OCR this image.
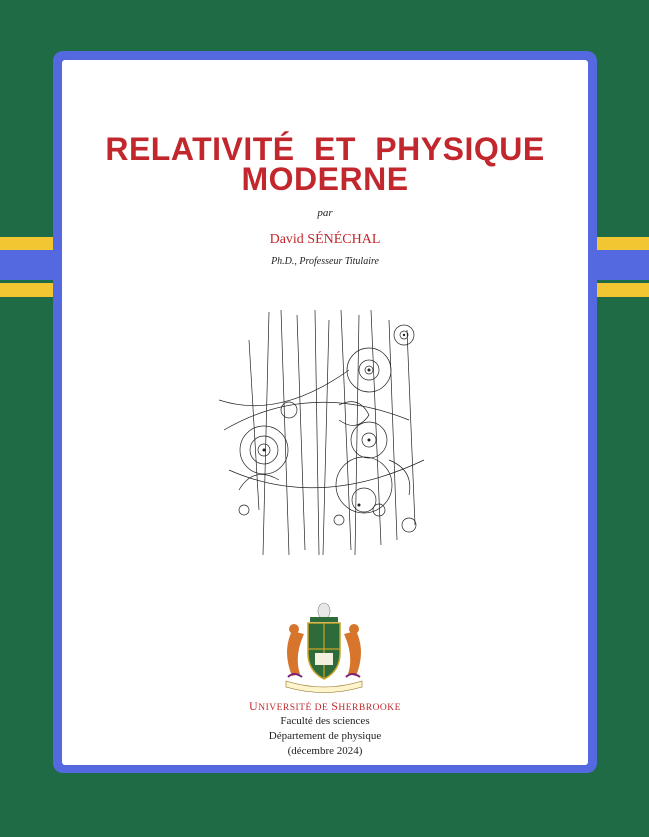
RELATIVITÉ ET PHYSIQUE
MODERNE
par
David SÉNÉCHAL
Ph.D., Professeur Titulaire
UNIVERSITÉ DE SHERBROOKE
Faculté des sciences
Département de physique
(décembre 2024)
